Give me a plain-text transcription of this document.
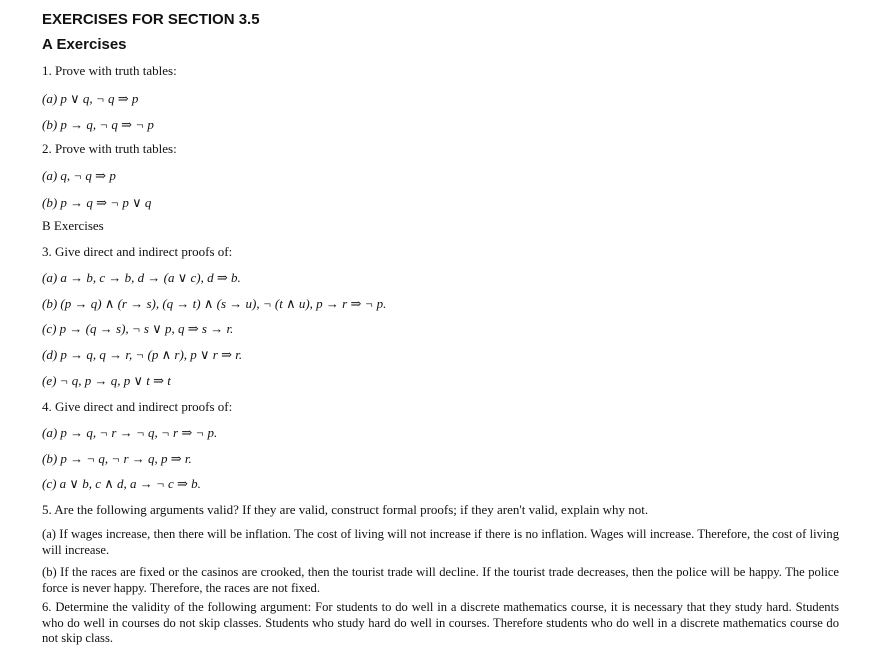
EXERCISES FOR SECTION 3.5
A Exercises
1. Prove with truth tables:
(a) p ∨ q, ¬ q ⇒ p
(b) p → q, ¬ q ⇒ ¬ p
2. Prove with truth tables:
(a) q, ¬ q ⇒ p
(b) p → q ⇒ ¬ p ∨ q
B Exercises
3. Give direct and indirect proofs of:
(a) a → b, c → b, d → (a ∨ c), d ⇒ b.
(b) (p → q) ∧ (r → s), (q → t) ∧ (s → u), ¬ (t ∧ u), p → r ⇒ ¬ p.
(c) p → (q → s), ¬ s ∨ p, q ⇒ s → r.
(d) p → q, q → r, ¬ (p ∧ r), p ∨ r ⇒ r.
(e) ¬ q, p → q, p ∨ t ⇒ t
4. Give direct and indirect proofs of:
(a) p → q, ¬ r → ¬ q, ¬ r ⇒ ¬ p.
(b) p → ¬ q, ¬ r → q, p ⇒ r.
(c) a ∨ b, c ∧ d, a → ¬ c ⇒ b.
5. Are the following arguments valid? If they are valid, construct formal proofs; if they aren't valid, explain why not.
(a) If wages increase, then there will be inflation. The cost of living will not increase if there is no inflation. Wages will increase. Therefore, the cost of living will increase.
(b) If the races are fixed or the casinos are crooked, then the tourist trade will decline. If the tourist trade decreases, then the police will be happy. The police force is never happy. Therefore, the races are not fixed.
6. Determine the validity of the following argument: For students to do well in a discrete mathematics course, it is necessary that they study hard. Students who do well in courses do not skip classes. Students who study hard do well in courses. Therefore students who do well in a discrete mathematics course do not skip class.
